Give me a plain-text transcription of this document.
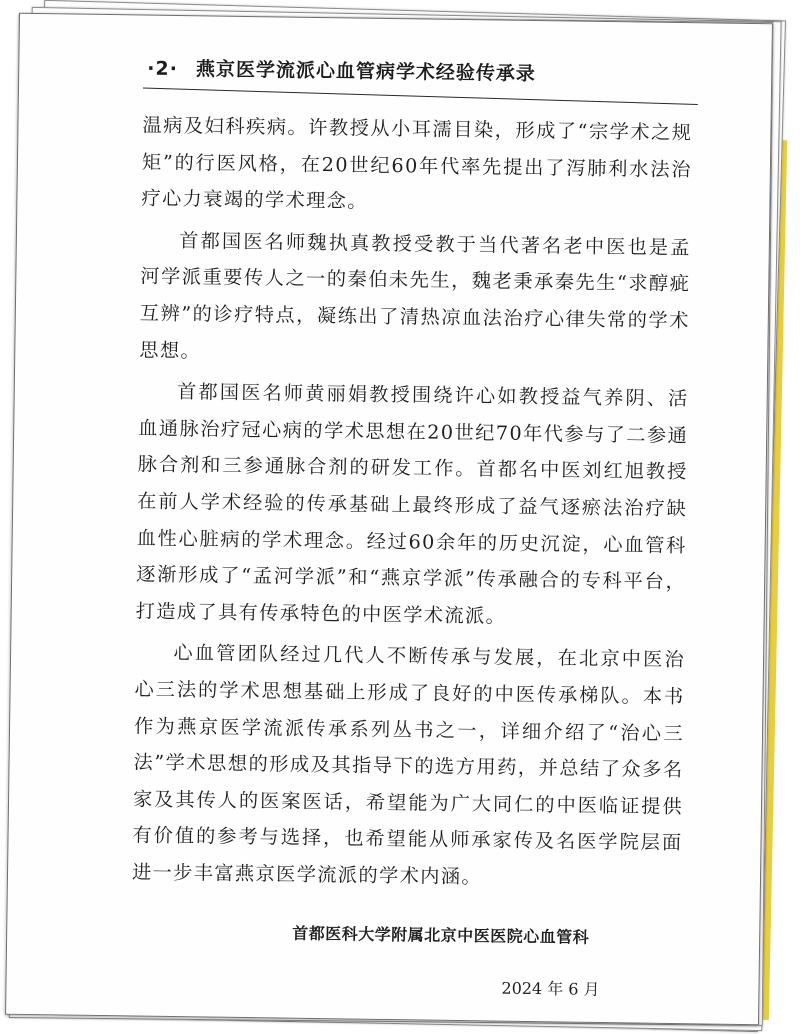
·2· 燕京医学流派心血管病学术经验传承录

温病及妇科疾病。许教授从小耳濡目染，形成了“宗学术之规矩”的行医风格，在20世纪60年代率先提出了泻肺利水法治疗心力衰竭的学术理念。

首都国医名师魏执真教授受教于当代著名老中医也是孟河学派重要传人之一的秦伯未先生，魏老秉承秦先生“求醇疵互辨”的诊疗特点，凝练出了清热凉血法治疗心律失常的学术思想。

首都国医名师黄丽娟教授围绕许心如教授益气养阴、活血通脉治疗冠心病的学术思想在20世纪70年代参与了二参通脉合剂和三参通脉合剂的研发工作。首都名中医刘红旭教授在前人学术经验的传承基础上最终形成了益气逐瘀法治疗缺血性心脏病的学术理念。经过60余年的历史沉淀，心血管科逐渐形成了“孟河学派”和“燕京学派”传承融合的专科平台，打造成了具有传承特色的中医学术流派。

心血管团队经过几代人不断传承与发展，在北京中医治心三法的学术思想基础上形成了良好的中医传承梯队。本书作为燕京医学流派传承系列丛书之一，详细介绍了“治心三法”学术思想的形成及其指导下的选方用药，并总结了众多名家及其传人的医案医话，希望能为广大同仁的中医临证提供有价值的参考与选择，也希望能从师承家传及名医学院层面进一步丰富燕京医学流派的学术内涵。

首都医科大学附属北京中医医院心血管科
2024 年 6 月
